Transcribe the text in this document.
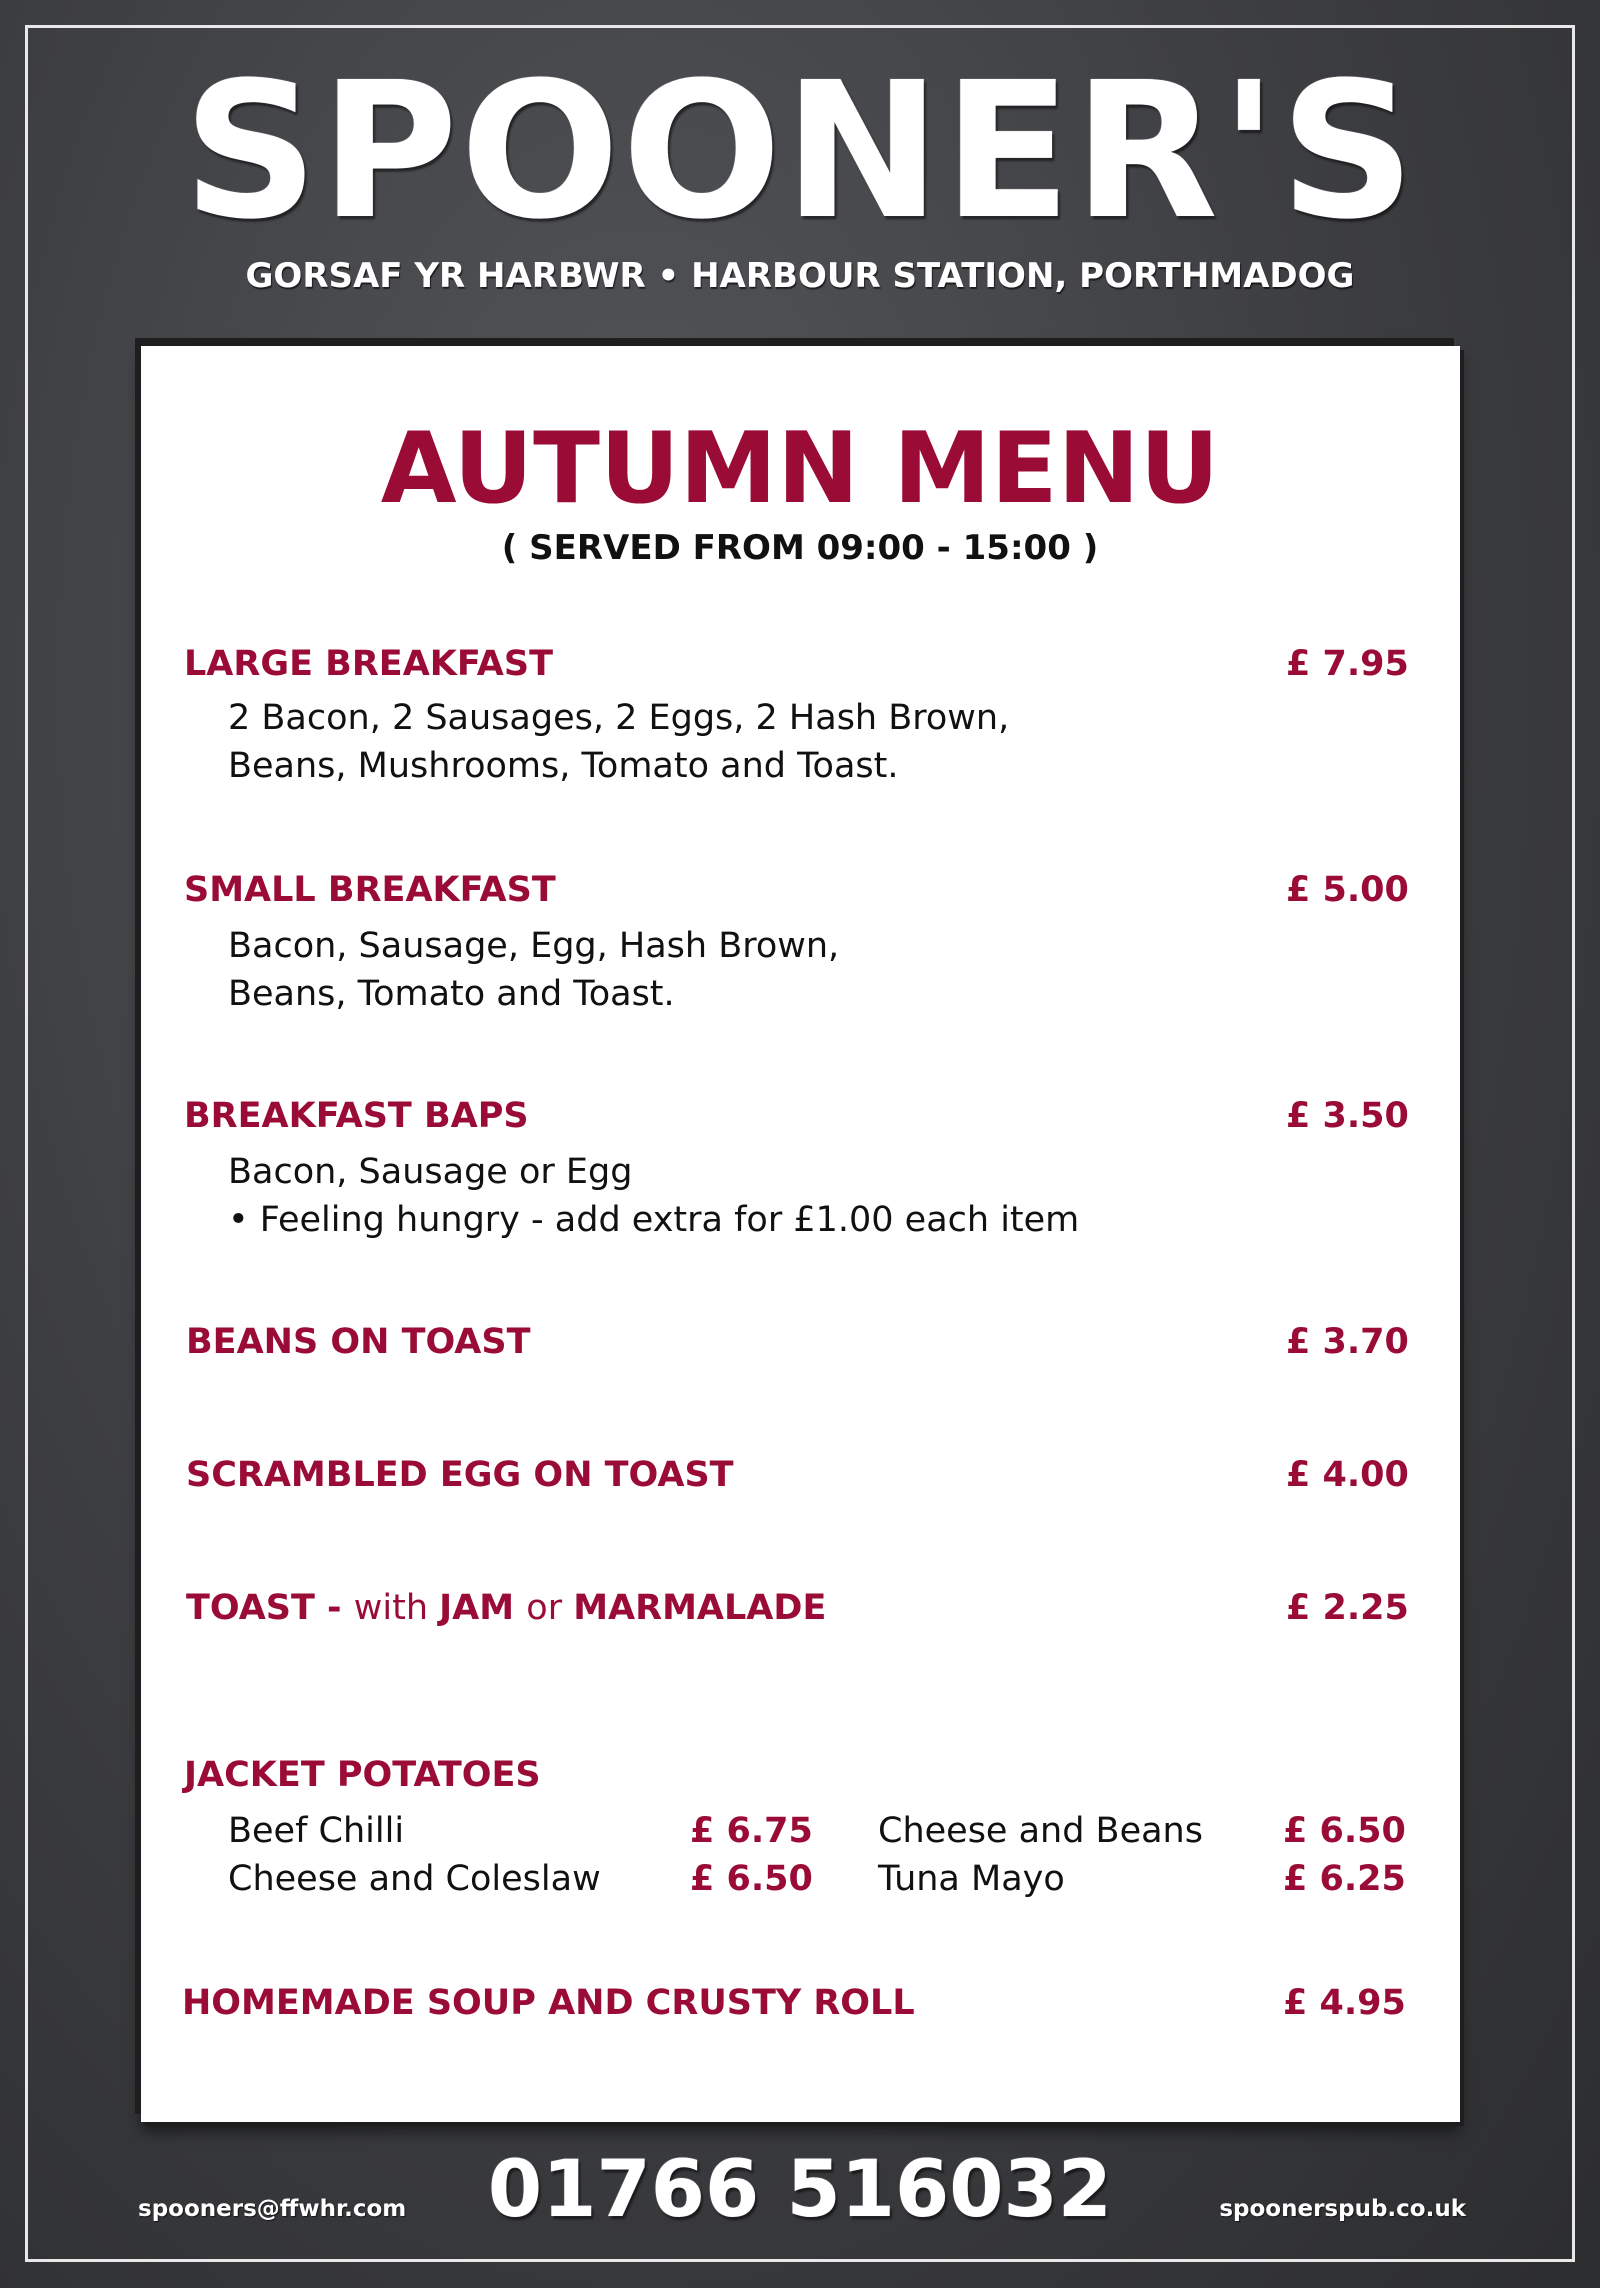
SPOONER'S
GORSAF YR HARBWR • HARBOUR STATION, PORTHMADOG
AUTUMN MENU
( SERVED FROM 09:00 - 15:00 )
LARGE BREAKFAST	£ 7.95
2 Bacon, 2 Sausages, 2 Eggs, 2 Hash Brown,
Beans, Mushrooms, Tomato and Toast.
SMALL BREAKFAST	£ 5.00
Bacon, Sausage, Egg, Hash Brown,
Beans, Tomato and Toast.
BREAKFAST BAPS	£ 3.50
Bacon, Sausage or Egg
• Feeling hungry - add extra for £1.00 each item
BEANS ON TOAST	£ 3.70
SCRAMBLED EGG ON TOAST	£ 4.00
TOAST - with JAM or MARMALADE	£ 2.25
JACKET POTATOES
Beef Chilli	£ 6.75 Cheese and Beans £ 6.50
Cheese and Coleslaw	£ 6.50 Tuna Mayo	£ 6.25
HOMEMADE SOUP AND CRUSTY ROLL	£ 4.95
spooners@ffwhr.com	01766 516032	spoonerspub.co.uk
